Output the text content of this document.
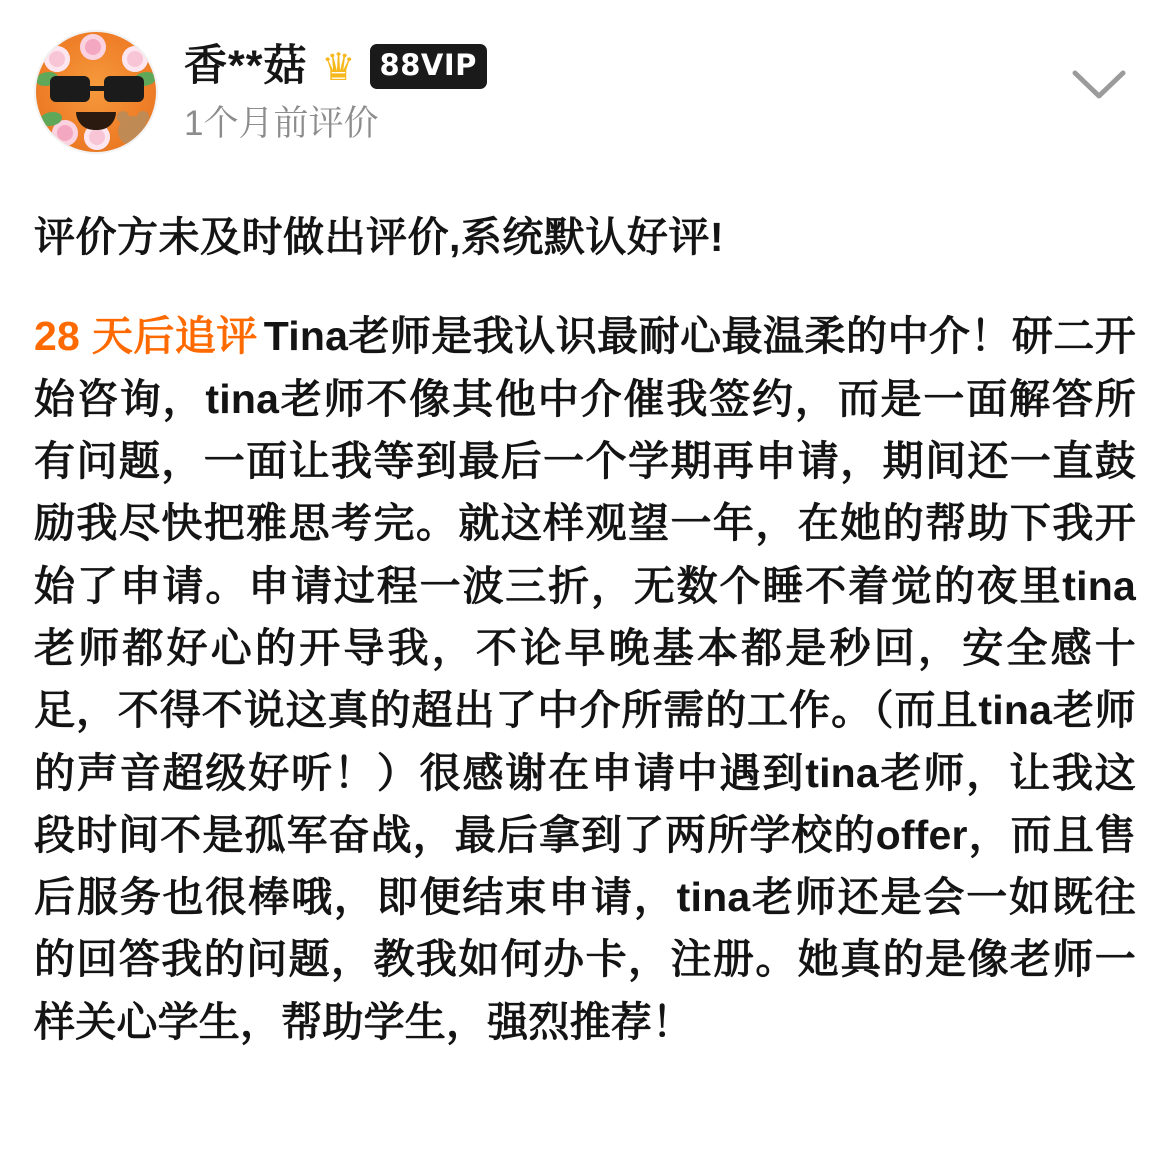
香**菇 ♛ 88VIP
1个月前评价
评价方未及时做出评价,系统默认好评!
28 天后追评 Tina老师是我认识最耐心最温柔的中介！研二开始咨询，tina老师不像其他中介催我签约，而是一面解答所有问题，一面让我等到最后一个学期再申请，期间还一直鼓励我尽快把雅思考完。就这样观望一年，在她的帮助下我开始了申请。申请过程一波三折，无数个睡不着觉的夜里tina老师都好心的开导我，不论早晚基本都是秒回，安全感十足，不得不说这真的超出了中介所需的工作。（而且tina老师的声音超级好听！）很感谢在申请中遇到tina老师，让我这段时间不是孤军奋战，最后拿到了两所学校的offer，而且售后服务也很棒哦，即便结束申请，tina老师还是会一如既往的回答我的问题，教我如何办卡，注册。她真的是像老师一样关心学生，帮助学生，强烈推荐！
